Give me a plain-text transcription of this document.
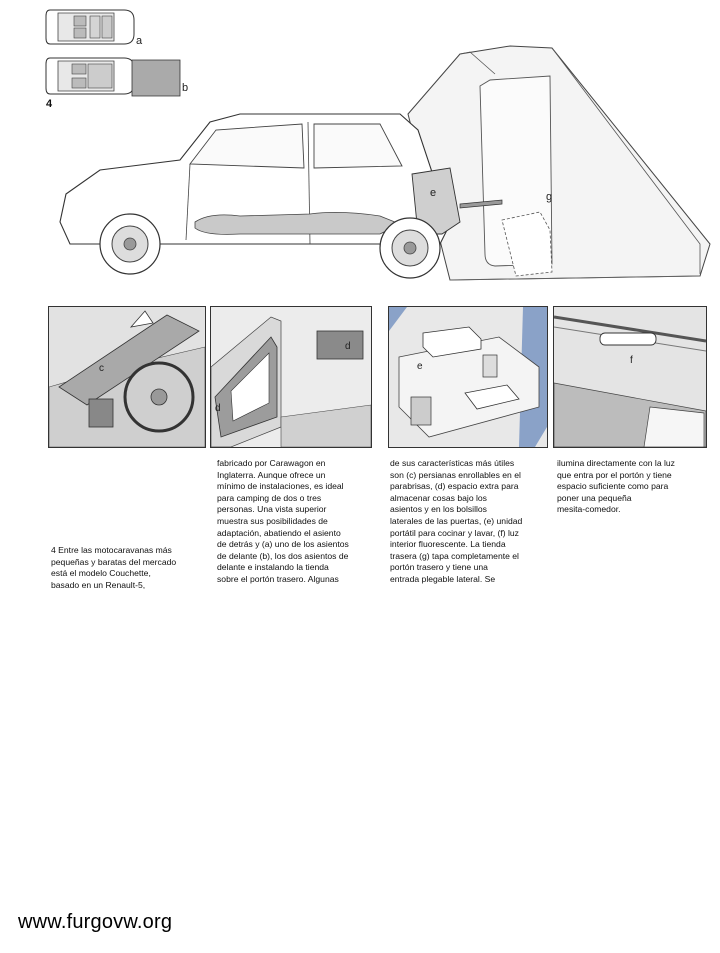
a
b
4
e	g
c
d
d
e
f
4 Entre las motocaravanas más
pequeñas y baratas del mercado
está el modelo Couchette,
basado en un Renault-5,
fabricado por Carawagon en
Inglaterra. Aunque ofrece un
mínimo de instalaciones, es ideal
para camping de dos o tres
personas. Una vista superior
muestra sus posibilidades de
adaptación, abatiendo el asiento
de detrás y (a) uno de los asientos
de delante (b), los dos asientos de
delante e instalando la tienda
sobre el portón trasero. Algunas
de sus características más útiles
son (c) persianas enrollables en el
parabrisas, (d) espacio extra para
almacenar cosas bajo los
asientos y en los bolsillos
laterales de las puertas, (e) unidad
portátil para cocinar y lavar, (f) luz
interior fluorescente. La tienda
trasera (g) tapa completamente el
portón trasero y tiene una
entrada plegable lateral. Se
ilumina directamente con la luz
que entra por el portón y tiene
espacio suficiente como para
poner una pequeña
mesita-comedor.
www.furgovw.org
